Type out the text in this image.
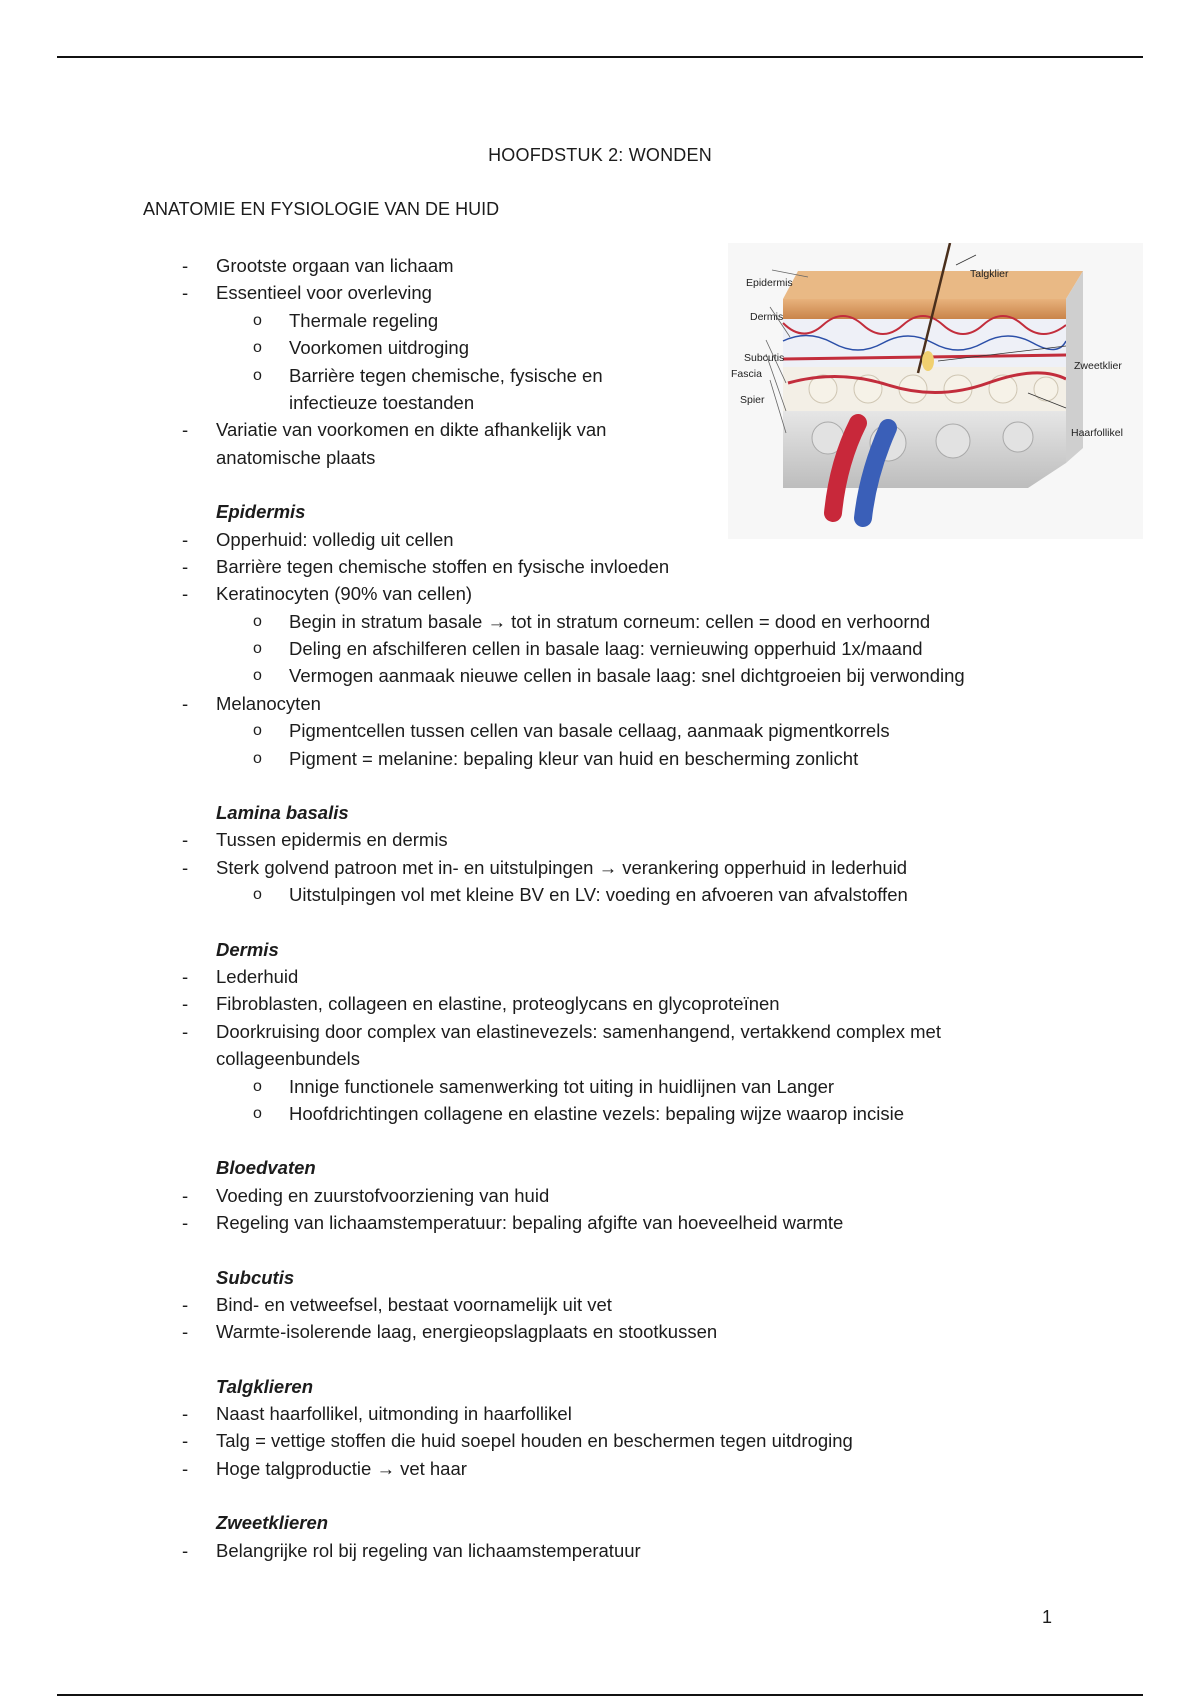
HOOFDSTUK 2: WONDEN
ANATOMIE EN FYSIOLOGIE VAN DE HUID
Epidermis
Dermis
Subcutis
Fascia
Spier
Talgklier
Zweetklier
Haarfollikel
- Grootste orgaan van lichaam
- Essentieel voor overleving
o Thermale regeling
o Voorkomen uitdroging
o Barrière tegen chemische, fysische en
infectieuze toestanden
- Variatie van voorkomen en dikte afhankelijk van
anatomische plaats
Epidermis
- Opperhuid: volledig uit cellen
- Barrière tegen chemische stoffen en fysische invloeden
- Keratinocyten (90% van cellen)
o Begin in stratum basale → tot in stratum corneum: cellen = dood en verhoornd
o Deling en afschilferen cellen in basale laag: vernieuwing opperhuid 1x/maand
o Vermogen aanmaak nieuwe cellen in basale laag: snel dichtgroeien bij verwonding
- Melanocyten
o Pigmentcellen tussen cellen van basale cellaag, aanmaak pigmentkorrels
o Pigment = melanine: bepaling kleur van huid en bescherming zonlicht
Lamina basalis
- Tussen epidermis en dermis
- Sterk golvend patroon met in- en uitstulpingen → verankering opperhuid in lederhuid
o Uitstulpingen vol met kleine BV en LV: voeding en afvoeren van afvalstoffen
Dermis
- Lederhuid
- Fibroblasten, collageen en elastine, proteoglycans en glycoproteïnen
- Doorkruising door complex van elastinevezels: samenhangend, vertakkend complex met
collageenbundels
o Innige functionele samenwerking tot uiting in huidlijnen van Langer
o Hoofdrichtingen collagene en elastine vezels: bepaling wijze waarop incisie
Bloedvaten
- Voeding en zuurstofvoorziening van huid
- Regeling van lichaamstemperatuur: bepaling afgifte van hoeveelheid warmte
Subcutis
- Bind- en vetweefsel, bestaat voornamelijk uit vet
- Warmte-isolerende laag, energieopslagplaats en stootkussen
Talgklieren
- Naast haarfollikel, uitmonding in haarfollikel
- Talg = vettige stoffen die huid soepel houden en beschermen tegen uitdroging
- Hoge talgproductie → vet haar
Zweetklieren
- Belangrijke rol bij regeling van lichaamstemperatuur
1
